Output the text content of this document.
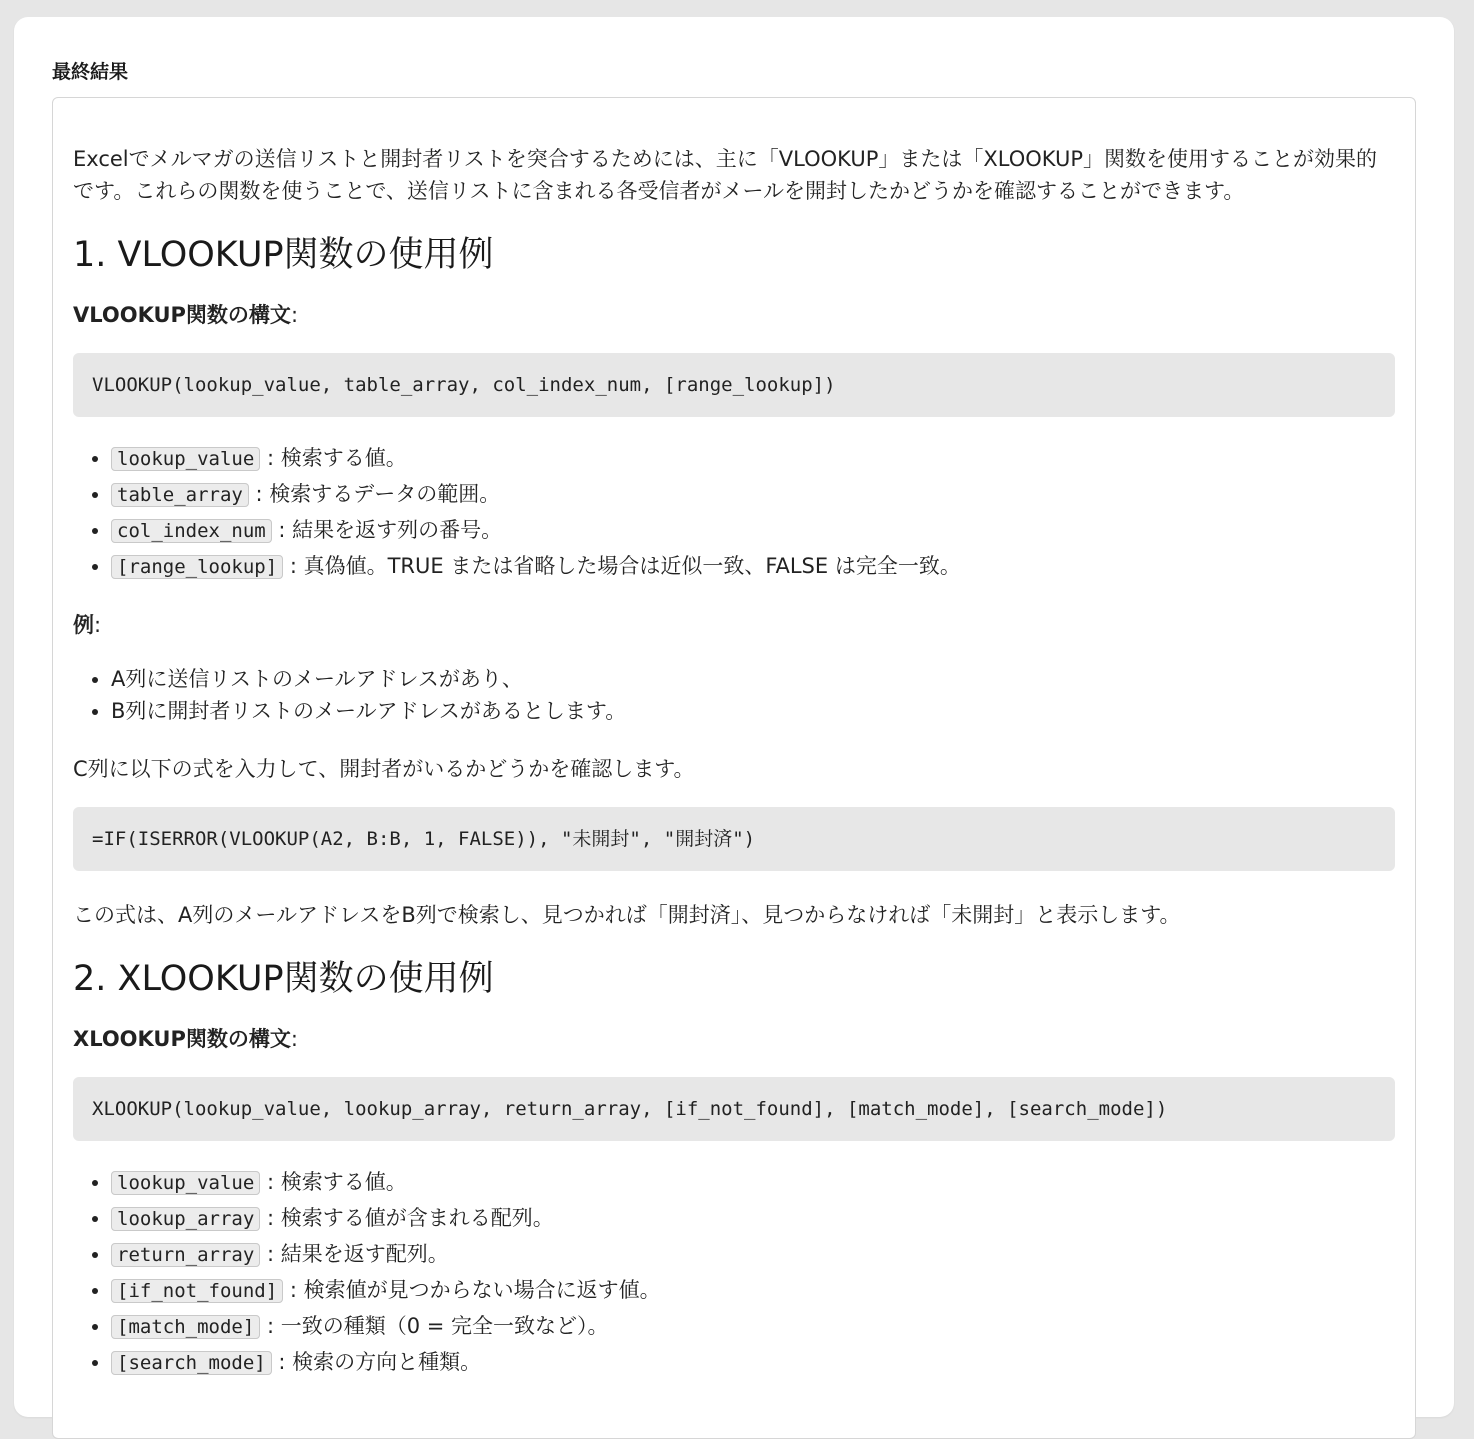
最終結果

Excelでメルマガの送信リストと開封者リストを突合するためには、主に「VLOOKUP」または「XLOOKUP」関数を使用することが効果的です。これらの関数を使うことで、送信リストに含まれる各受信者がメールを開封したかどうかを確認することができます。

1. VLOOKUP関数の使用例

VLOOKUP関数の構文:

VLOOKUP(lookup_value, table_array, col_index_num, [range_lookup])
• lookup_value : 検索する値。
• table_array : 検索するデータの範囲。
• col_index_num : 結果を返す列の番号。
• [range_lookup] : 真偽値。TRUE または省略した場合は近似一致、FALSE は完全一致。

例:

• A列に送信リストのメールアドレスがあり、
• B列に開封者リストのメールアドレスがあるとします。

C列に以下の式を入力して、開封者がいるかどうかを確認します。

=IF(ISERROR(VLOOKUP(A2, B:B, 1, FALSE)), "未開封", "開封済")

この式は、A列のメールアドレスをB列で検索し、見つかれば「開封済」、見つからなければ「未開封」と表示します。

2. XLOOKUP関数の使用例

XLOOKUP関数の構文:

XLOOKUP(lookup_value, lookup_array, return_array, [if_not_found], [match_mode], [search_mode])
• lookup_value : 検索する値。
• lookup_array : 検索する値が含まれる配列。
• return_array : 結果を返す配列。
• [if_not_found] : 検索値が見つからない場合に返す値。
• [match_mode] : 一致の種類（0 = 完全一致など）。
• [search_mode] : 検索の方向と種類。
